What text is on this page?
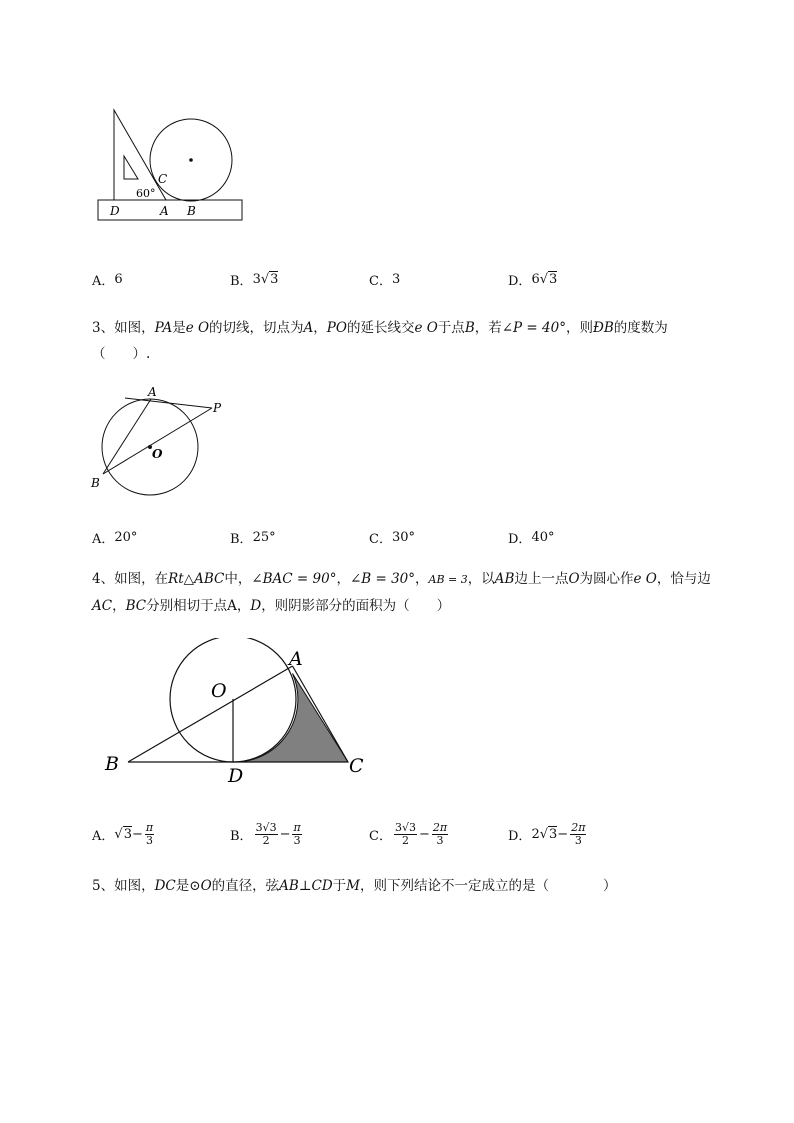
C
60°
D	A B
A． 6	B． 3 √3	C． 3	D． 6 √3
3、如图，PA是e O的切线，切点为A，PO的延长线交e O于点B，若∠P = 40°，则ÐB的度数为
（　　）.
A
P
O
B
A． 20°	B． 25°	C． 30°	D． 40°
4、如图，在Rt△ABC中，∠BAC = 90°，∠B = 30°，AB = 3，以AB边上一点O为圆心作e O，恰与边
AC，BC分别相切于点A，D，则阴影部分的面积为（　　）
A
O
B
D	C
A． $√3 - \frac{\pi}{3}$	B． $\frac{3√3}{2} - \frac{\pi}{3}$	C． $\frac{3√3}{2} - \frac{2\pi}{3}$	D． 2 $√3 - \frac{2\pi}{3}$
5、如图，DC是⊙O的直径，弦AB⊥CD于M，则下列结论不一定成立的是（　　　　）
